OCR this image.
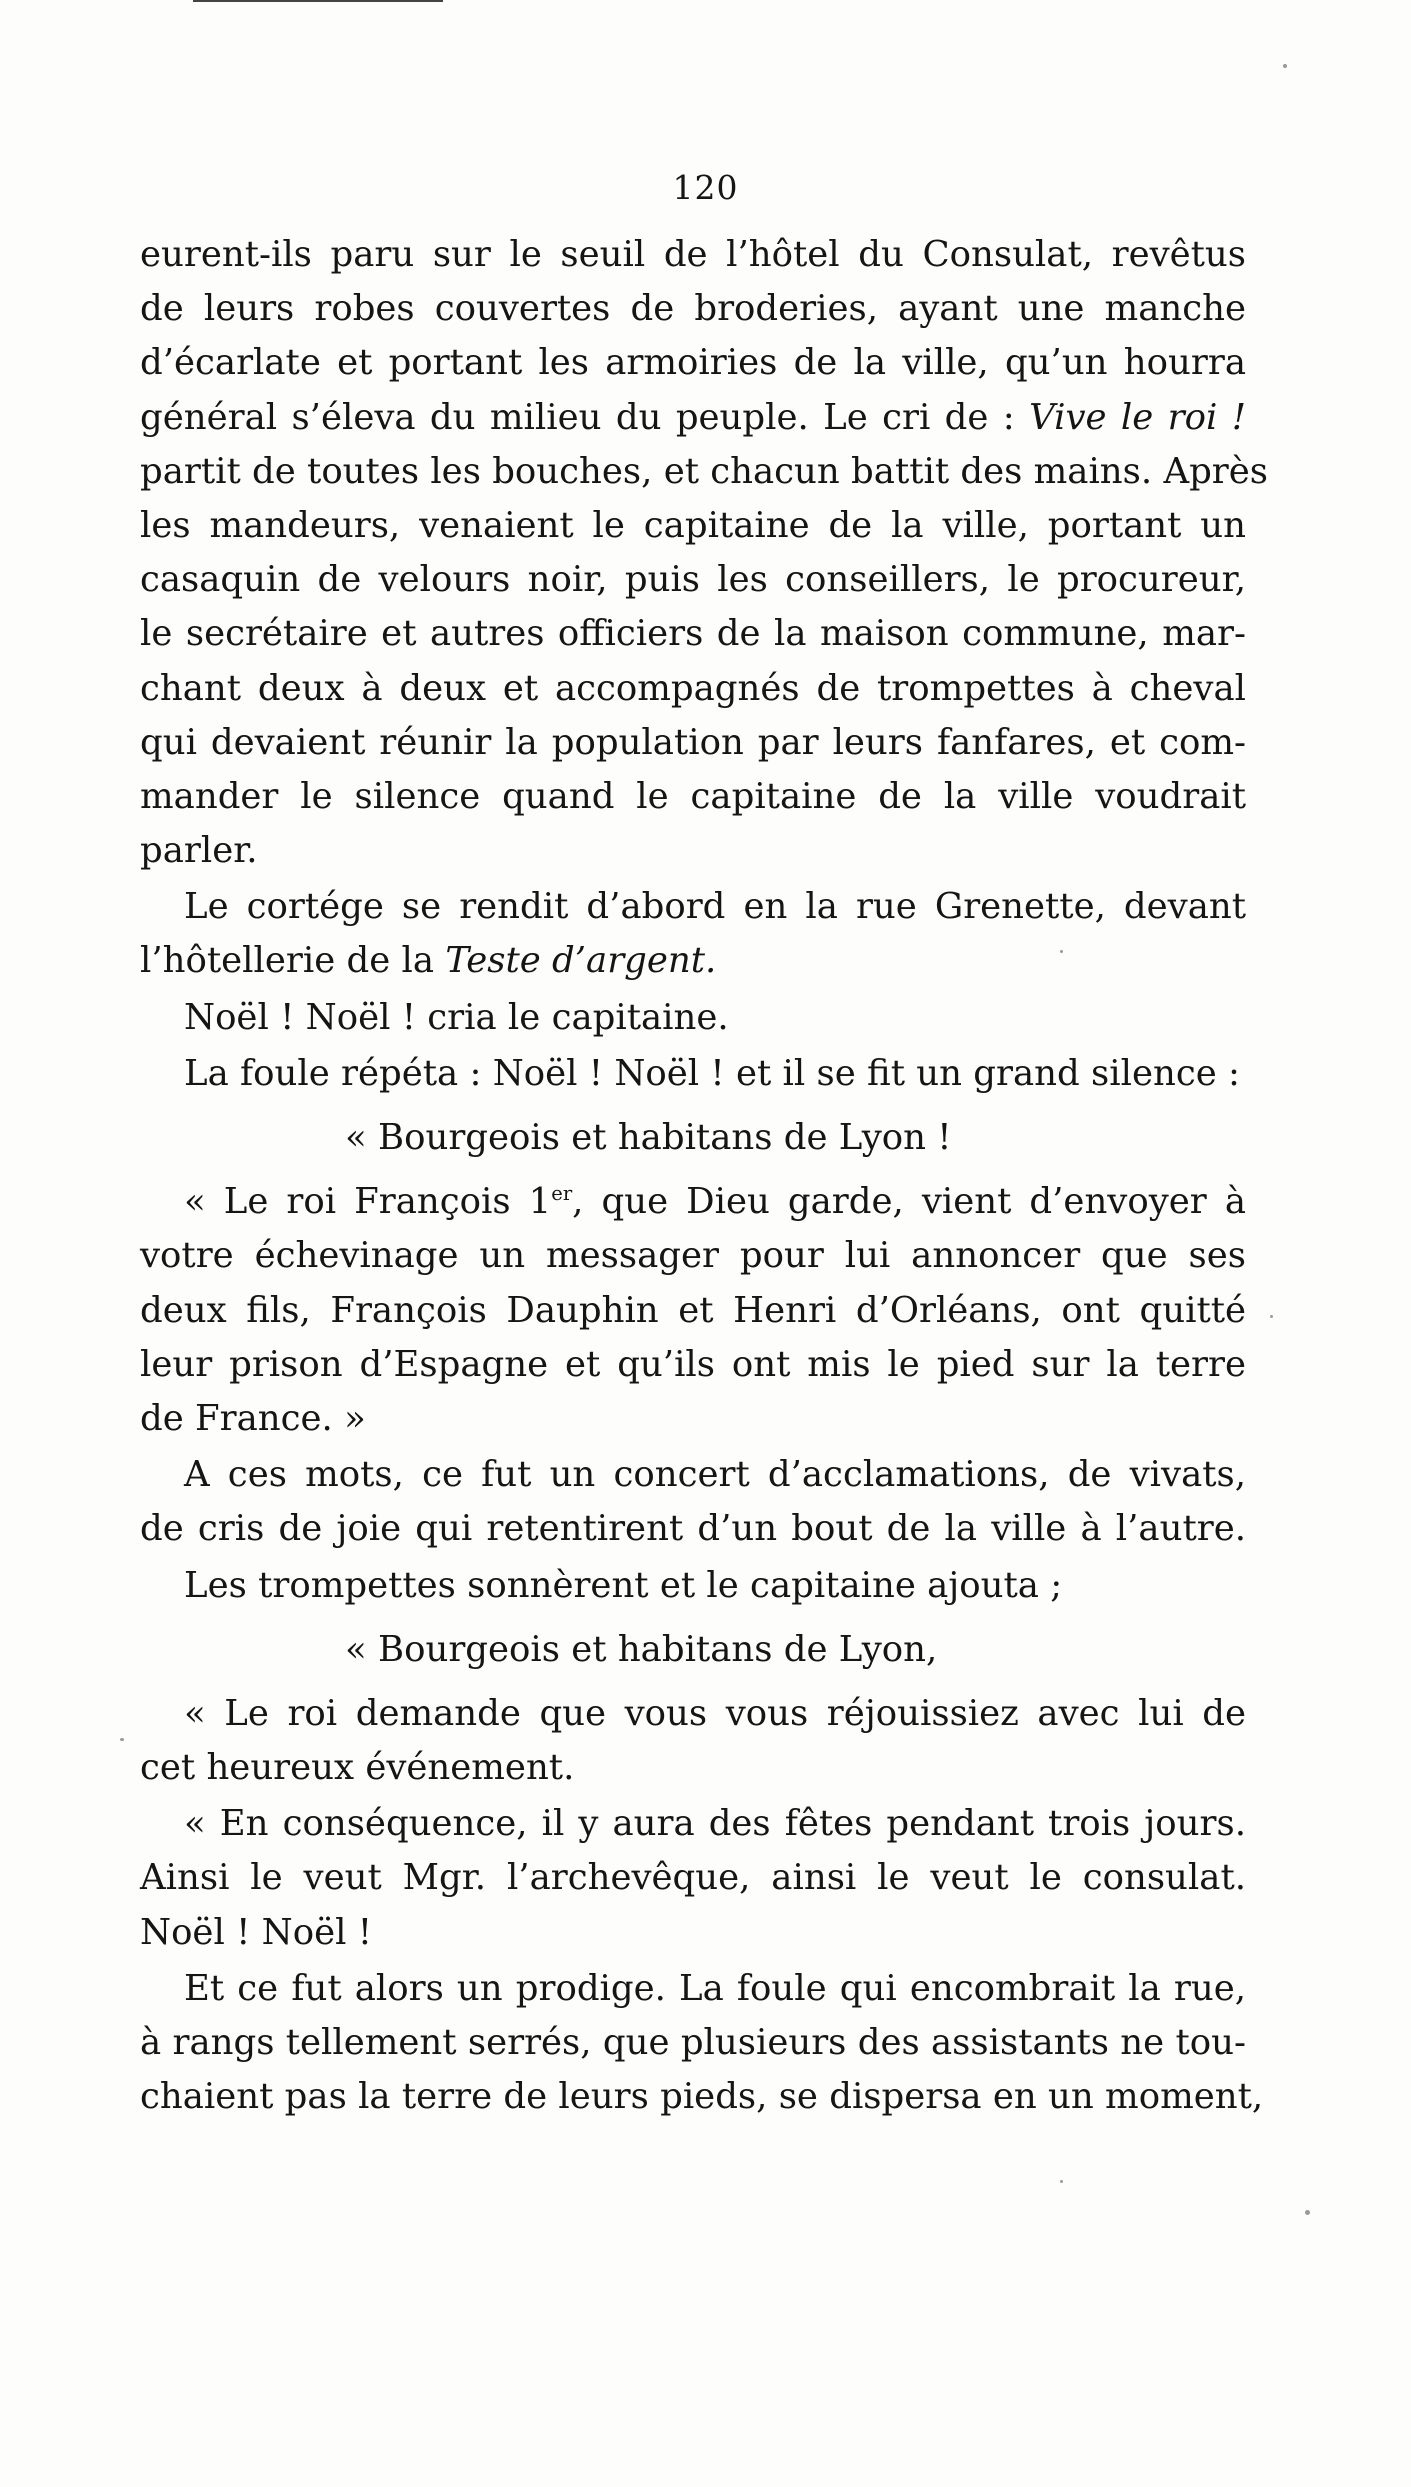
120
eurent-ils paru sur le seuil de l’hôtel du Consulat, revêtus
de leurs robes couvertes de broderies, ayant une manche
d’écarlate et portant les armoiries de la ville, qu’un hourra
général s’éleva du milieu du peuple. Le cri de : Vive le roi !
partit de toutes les bouches, et chacun battit des mains. Après
les mandeurs, venaient le capitaine de la ville, portant un
casaquin de velours noir, puis les conseillers, le procureur,
le secrétaire et autres officiers de la maison commune, mar-
chant deux à deux et accompagnés de trompettes à cheval
qui devaient réunir la population par leurs fanfares, et com-
mander le silence quand le capitaine de la ville voudrait
parler.
Le cortége se rendit d’abord en la rue Grenette, devant
l’hôtellerie de la Teste d’argent.
Noël ! Noël ! cria le capitaine.
La foule répéta : Noël ! Noël ! et il se fit un grand silence :
« Bourgeois et habitans de Lyon !
« Le roi François 1er, que Dieu garde, vient d’envoyer à
votre échevinage un messager pour lui annoncer que ses
deux fils, François Dauphin et Henri d’Orléans, ont quitté
leur prison d’Espagne et qu’ils ont mis le pied sur la terre
de France. »
A ces mots, ce fut un concert d’acclamations, de vivats,
de cris de joie qui retentirent d’un bout de la ville à l’autre.
Les trompettes sonnèrent et le capitaine ajouta ;
« Bourgeois et habitans de Lyon,
« Le roi demande que vous vous réjouissiez avec lui de
cet heureux événement.
« En conséquence, il y aura des fêtes pendant trois jours.
Ainsi le veut Mgr. l’archevêque, ainsi le veut le consulat.
Noël ! Noël !
Et ce fut alors un prodige. La foule qui encombrait la rue,
à rangs tellement serrés, que plusieurs des assistants ne tou-
chaient pas la terre de leurs pieds, se dispersa en un moment,
